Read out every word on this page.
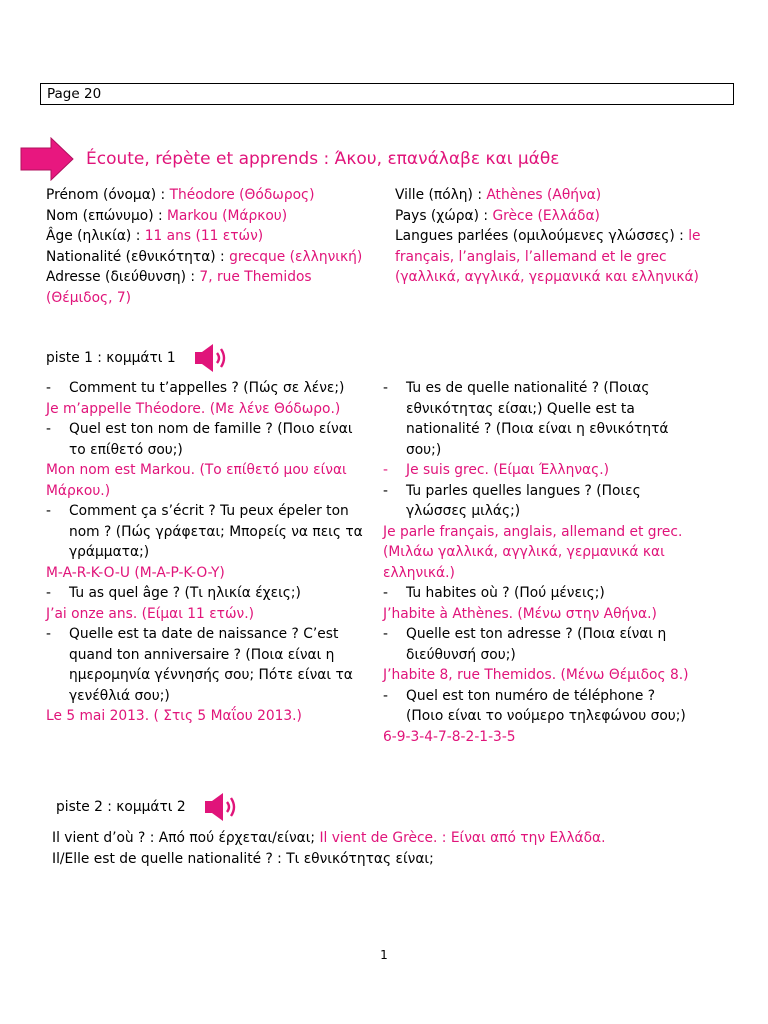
Page 20
Écoute, répète et apprends : Άκου, επανάλαβε και μάθε
Prénom (όνομα) : Théodore (Θόδωρος)
Nom (επώνυμο) : Markou (Μάρκου)
Âge (ηλικία) : 11 ans (11 ετών)
Nationalité (εθνικότητα) : grecque (ελληνική)
Adresse (διεύθυνση) : 7, rue Themidos
(Θέμιδος, 7)
Ville (πόλη) : Athènes (Αθήνα)
Pays (χώρα) : Grèce (Ελλάδα)
Langues parlées (ομιλούμενες γλώσσες) : le
français, l’anglais, l’allemand et le grec
(γαλλικά, αγγλικά, γερμανικά και ελληνικά)
piste 1 : κομμάτι 1
-	Comment tu t’appelles ? (Πώς σε λένε;)
Je m’appelle Théodore. (Με λένε Θόδωρο.)
-	Quel est ton nom de famille ? (Ποιο είναι
το επίθετό σου;)
Mon nom est Markou. (Το επίθετό μου είναι
Μάρκου.)
-	Comment ça s’écrit ? Tu peux épeler ton
nom ? (Πώς γράφεται; Μπορείς να πεις τα
γράμματα;)
M-A-R-K-O-U (M-A-P-K-O-Y)
-	Tu as quel âge ? (Τι ηλικία έχεις;)
J’ai onze ans. (Είμαι 11 ετών.)
-	Quelle est ta date de naissance ? C’est
quand ton anniversaire ? (Ποια είναι η
ημερομηνία γέννησής σου; Πότε είναι τα
γενέθλιά σου;)
Le 5 mai 2013. ( Στις 5 Μαΐου 2013.)
-	Tu es de quelle nationalité ? (Ποιας
εθνικότητας είσαι;) Quelle est ta
nationalité ? (Ποια είναι η εθνικότητά
σου;)
-	Je suis grec. (Είμαι Έλληνας.)
-	Tu parles quelles langues ? (Ποιες
γλώσσες μιλάς;)
Je parle français, anglais, allemand et grec.
(Μιλάω γαλλικά, αγγλικά, γερμανικά και
ελληνικά.)
-	Tu habites où ? (Πού μένεις;)
J’habite à Athènes. (Μένω στην Αθήνα.)
-	Quelle est ton adresse ? (Ποια είναι η
διεύθυνσή σου;)
J’habite 8, rue Themidos. (Μένω Θέμιδος 8.)
-	Quel est ton numéro de téléphone ?
(Ποιο είναι το νούμερο τηλεφώνου σου;)
6-9-3-4-7-8-2-1-3-5
piste 2 : κομμάτι 2
Il vient d’où ? : Από πού έρχεται/είναι; Il vient de Grèce. : Είναι από την Ελλάδα.
Il/Elle est de quelle nationalité ? : Τι εθνικότητας είναι;
1
